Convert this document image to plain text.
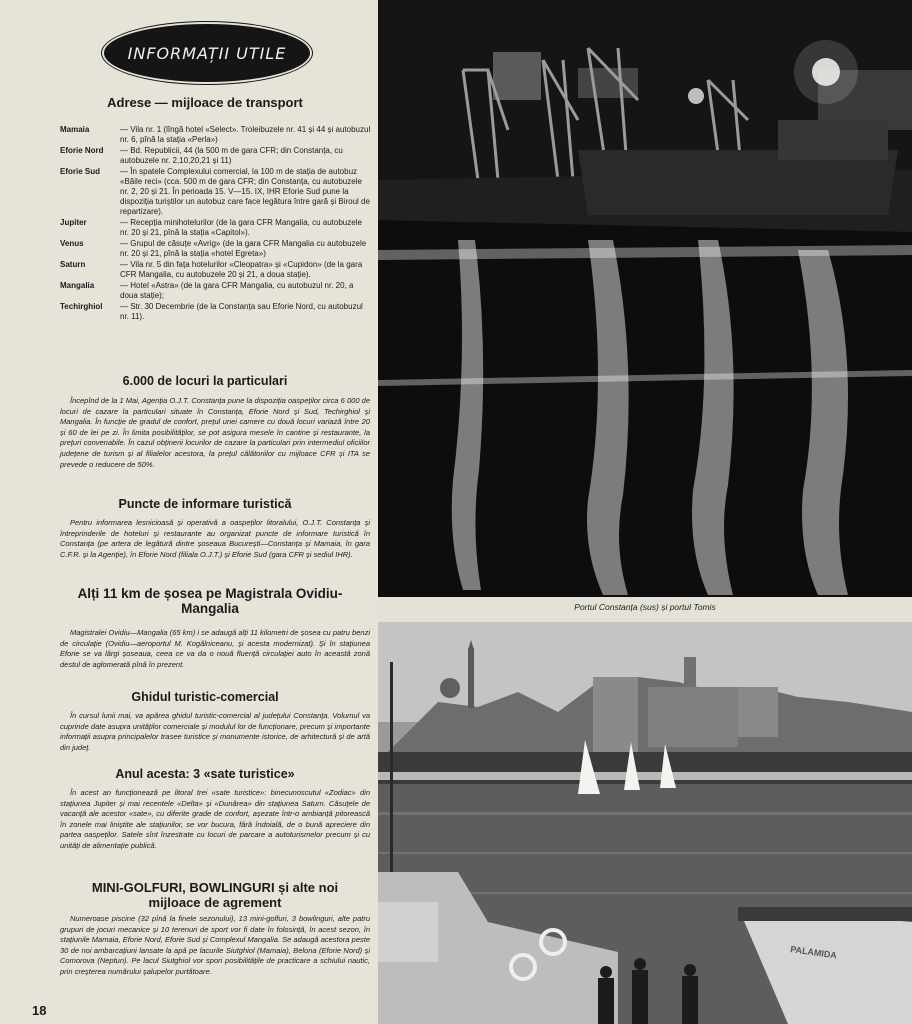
INFORMAȚII UTILE
Adrese — mijloace de transport
Mamaia	— Vila nr. 1 (lîngă hotel «Select». Troleibuzele nr. 41 și 44 și autobuzul nr. 6, pînă la stația «Perla»)
Eforie Nord	— Bd. Republicii, 44 (la 500 m de gara CFR; din Constanța, cu autobuzele nr. 2,10,20,21 și 11)
Eforie Sud	— În spatele Complexului comercial, la 100 m de stația de autobuz «Băile reci» (cca. 500 m de gara CFR; din Constanța, cu autobuzele nr. 2, 20 și 21. În perioada 15. V—15. IX, IHR Eforie Sud pune la dispoziția turiștilor un autobuz care face legătura între gară și Biroul de repartizare).
Jupiter	— Recepția minihotelurilor (de la gara CFR Mangalia, cu autobuzele nr. 20 și 21, pînă la stația «Capitol»).
Venus	— Grupul de căsuțe «Avrig» (de la gara CFR Mangalia cu autobuzele nr. 20 și 21, pînă la stația «hotel Egreta»)
Saturn	— Vila nr. 5 din fața hotelurilor «Cleopatra» și «Cupidon» (de la gara CFR Mangalia, cu autobuzele 20 și 21, a doua stație).
Mangalia	— Hotel «Astra» (de la gara CFR Mangalia, cu autobuzul nr. 20, a doua stație);
Techirghiol	— Str. 30 Decembrie (de la Constanța sau Eforie Nord, cu autobuzul nr. 11).
6.000 de locuri la particulari
Începînd de la 1 Mai, Agenția O.J.T. Constanța pune la dispoziția oaspeților circa 6 000 de locuri de cazare la particulari situate în Constanța, Eforie Nord și Sud, Techirghiol și Mangalia. În funcție de gradul de confort, prețul unei camere cu două locuri variază între 20 și 60 de lei pe zi. În limita posibilităților, se pot asigura mesele în cantine și restaurante, la prețuri convenabile. În cazul obținerii locurilor de cazare la particulari prin intermediul oficiilor județene de turism și al filialelor acestora, la prețul călătoriilor cu mijloace CFR și ITA se prevede o reducere de 50%.
Puncte de informare turistică
Pentru informarea lesnicioasă și operativă a oaspeților litoralului, O.J.T. Constanța și întreprinderile de hoteluri și restaurante au organizat puncte de informare turistică în Constanța (pe artera de legătură dintre șoseaua București—Constanța și Mamaia, în gara C.F.R. și la Agenție), în Eforie Nord (filiala O.J.T.) și Eforie Sud (gara CFR și sediul IHR).
Alți 11 km de șosea pe Magistrala Ovidiu-Mangalia
Magistralei Ovidiu—Mangalia (65 km) i se adaugă alți 11 kilometri de șosea cu patru benzi de circulație (Ovidiu—aeroportul M. Kogălniceanu, și acesta modernizat). Și în stațiunea Eforie se va lărgi șoseaua, ceea ce va da o nouă fluență circulației auto în această zonă destul de aglomerată pînă în prezent.
Ghidul turistic-comercial
În cursul lunii mai, va apărea ghidul turistic-comercial al județului Constanța. Volumul va cuprinde date asupra unităților comerciale și modulul lor de funcționare, precum și importante informații asupra principalelor trasee turistice și monumente istorice, de arhitectură și de artă din județ.
Anul acesta: 3 «sate turistice»
În acest an funcționează pe litoral trei «sate turistice»: binecunoscutul «Zodiac» din stațiunea Jupiter și mai recentele «Delta» și «Dunărea» din stațiunea Saturn. Căsuțele de vacanță ale acestor «sate», cu diferite grade de confort, așezate într-o ambianță pitorească în zonele mai liniștite ale stațiunilor, se vor bucura, fără îndoială, de o bună apreciere din partea oaspeților. Satele sînt înzestrate cu locuri de parcare a autoturismelor precum și cu unități de alimentație publică.
MINI-GOLFURI, BOWLINGURI și alte noi mijloace de agrement
Numeroase piscine (32 pînă la finele sezonului), 13 mini-golfuri, 3 bowlinguri, alte patru grupuri de jocuri mecanice și 10 terenuri de sport vor fi date în folosință, în acest sezon, în stațiunile Mamaia, Eforie Nord, Eforie Sud și Complexul Mangalia. Se adaugă acestora peste 30 de noi ambarcațiuni lansate la apă pe lacurile Siutghiol (Mamaia), Belona (Eforie Nord) și Comorova (Neptun). Pe lacul Siutghiol vor spori posibilitățile de practicare a schiului nautic, prin creșterea numărului șalupelor purtătoare.
18
Portul Constanța (sus) și portul Tomis
PALAMIDA
